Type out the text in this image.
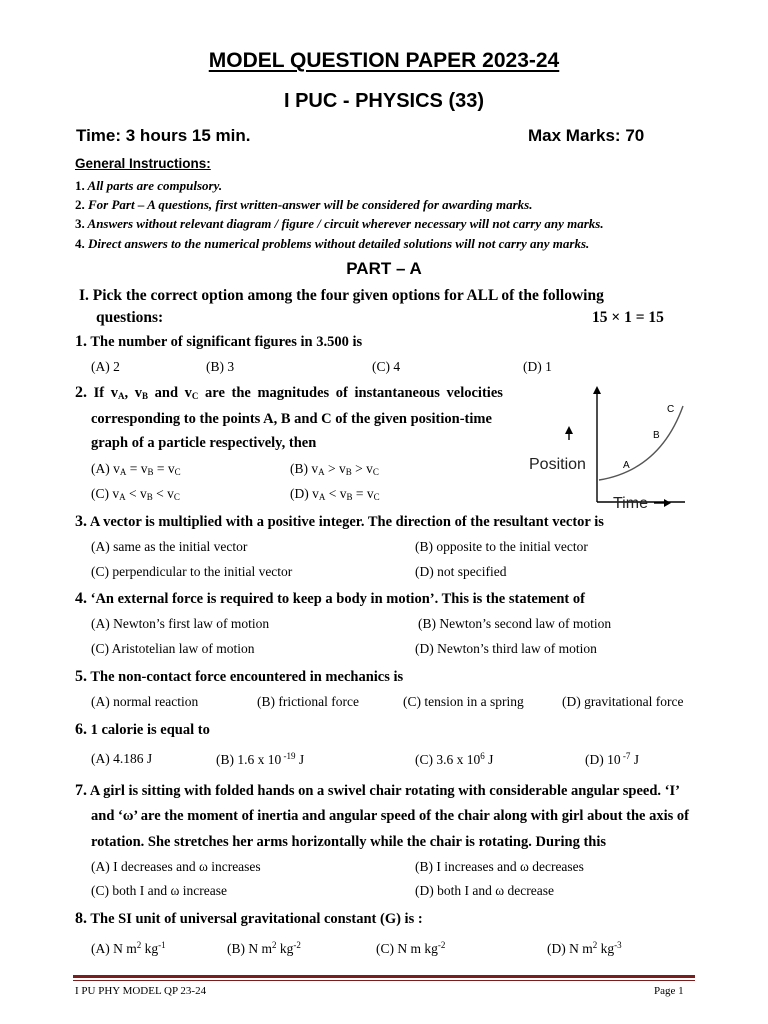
MODEL QUESTION PAPER 2023-24
I PUC - PHYSICS (33)
Time: 3 hours 15 min.	Max Marks: 70
General Instructions:
1. All parts are compulsory.
2. For Part – A questions, first written-answer will be considered for awarding marks.
3. Answers without relevant diagram / figure / circuit wherever necessary will not carry any marks.
4. Direct answers to the numerical problems without detailed solutions will not carry any marks.
PART – A
I. Pick the correct option among the four given options for ALL of the following
questions:	15 × 1 = 15
1. The number of significant figures in 3.500 is
(A) 2	(B) 3	(C) 4	(D) 1
2. If $v_A$, $v_B$ and $v_C$ are the magnitudes of instantaneous velocities
corresponding to the points A, B and C of the given position-time
graph of a particle respectively, then
(A) $v_A = v_B = v_C$	(B) $v_A > v_B > v_C$
(C) $v_A < v_B < v_C$	(D) $v_A < v_B = v_C$
Position
Time
A
B
C
3. A vector is multiplied with a positive integer. The direction of the resultant vector is
(A) same as the initial vector	(B) opposite to the initial vector
(C) perpendicular to the initial vector	(D) not specified
4. ‘An external force is required to keep a body in motion’. This is the statement of
(A) Newton’s first law of motion	(B) Newton’s second law of motion
(C) Aristotelian law of motion	(D) Newton’s third law of motion
5. The non-contact force encountered in mechanics is
(A) normal reaction	(B) frictional force	(C) tension in a spring	(D) gravitational force
6. 1 calorie is equal to
(A) 4.186 J	(B) 1.6 x 10 $^{-19}$ J	(C) 3.6 x $10^6$ J	(D) 10 $^{-7}$ J
7. A girl is sitting with folded hands on a swivel chair rotating with considerable angular speed. ‘I’
and ‘ω’ are the moment of inertia and angular speed of the chair along with girl about the axis of
rotation. She stretches her arms horizontally while the chair is rotating. During this
(A) I decreases and ω increases	(B) I increases and ω decreases
(C) both I and ω increase	(D) both I and ω decrease
8. The SI unit of universal gravitational constant (G) is :
(A) N $m^2$ $kg^{-1}$	(B) N $m^2$ $kg^{-2}$	(C) N m $kg^{-2}$	(D) N $m^2$ $kg^{-3}$
I PU PHY MODEL QP 23-24	Page 1
